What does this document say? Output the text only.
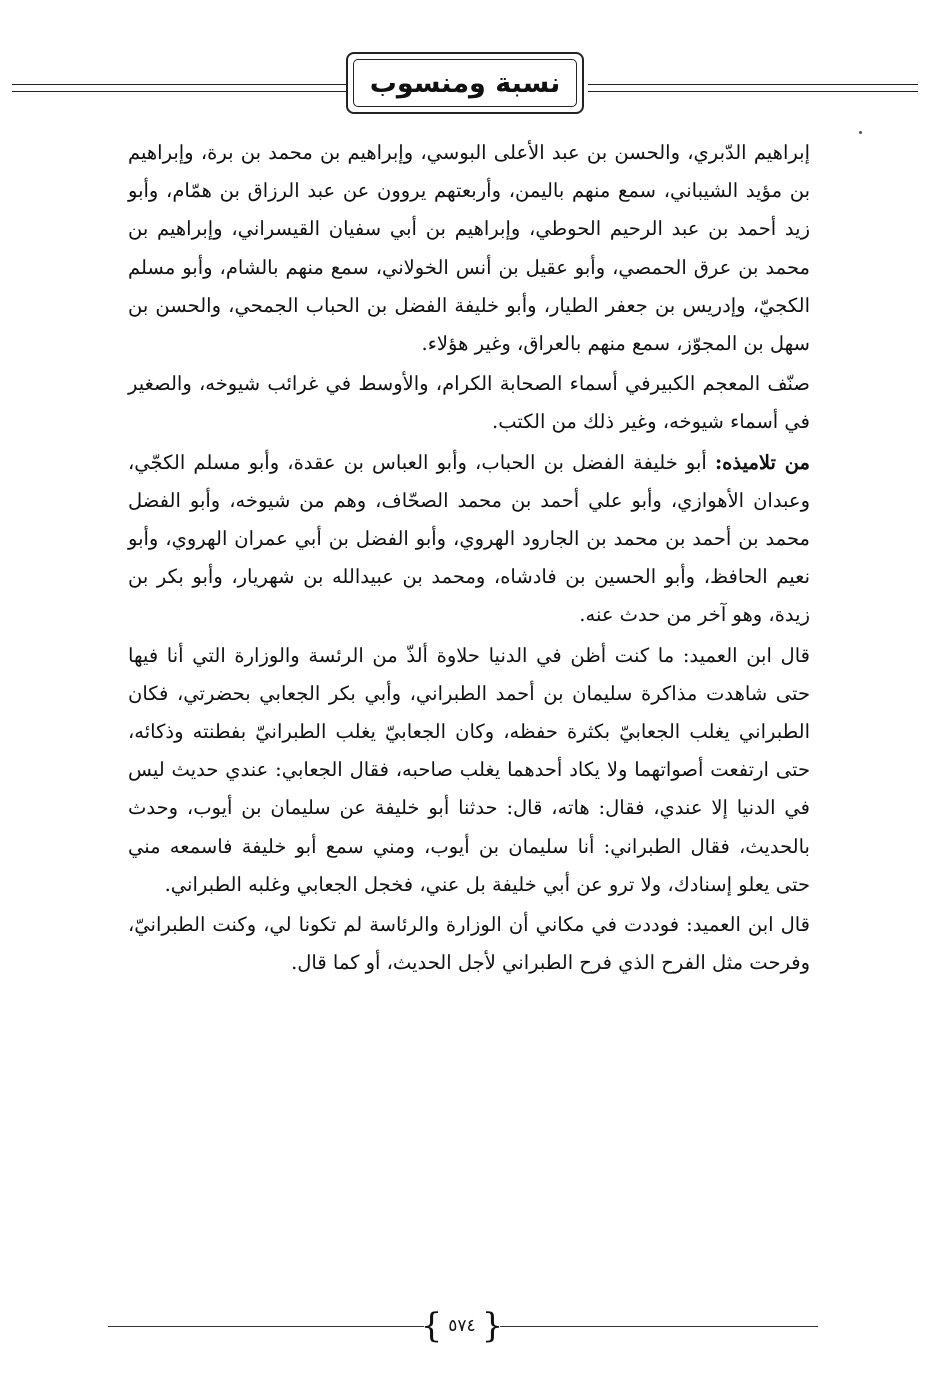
نسبة ومنسوب

إبراهيم الدّبري، والحسن بن عبد الأعلى البوسي، وإبراهيم بن محمد بن برة، وإبراهيم بن مؤيد الشيباني، سمع منهم باليمن، وأربعتهم يروون عن عبد الرزاق بن همّام، وأبو زيد أحمد بن عبد الرحيم الحوطي، وإبراهيم بن أبي سفيان القيسراني، وإبراهيم بن محمد بن عرق الحمصي، وأبو عقيل بن أنس الخولاني، سمع منهم بالشام، وأبو مسلم الكجيّ، وإدريس بن جعفر الطيار، وأبو خليفة الفضل بن الحباب الجمحي، والحسن بن سهل بن المجوّز، سمع منهم بالعراق، وغير هؤلاء.

صنّف المعجم الكبيرفي أسماء الصحابة الكرام، والأوسط في غرائب شيوخه، والصغير في أسماء شيوخه، وغير ذلك من الكتب.

من تلاميذه: أبو خليفة الفضل بن الحباب، وأبو العباس بن عقدة، وأبو مسلم الكجّي، وعبدان الأهوازي، وأبو علي أحمد بن محمد الصحّاف، وهم من شيوخه، وأبو الفضل محمد بن أحمد بن محمد بن الجارود الهروي، وأبو الفضل بن أبي عمران الهروي، وأبو نعيم الحافظ، وأبو الحسين بن فادشاه، ومحمد بن عبيدالله بن شهريار، وأبو بكر بن زيدة، وهو آخر من حدث عنه.

قال ابن العميد: ما كنت أظن في الدنيا حلاوة ألذّ من الرئسة والوزارة التي أنا فيها حتى شاهدت مذاكرة سليمان بن أحمد الطبراني، وأبي بكر الجعابي بحضرتي، فكان الطبراني يغلب الجعابيّ بكثرة حفظه، وكان الجعابيّ يغلب الطبرانيّ بفطنته وذكائه، حتى ارتفعت أصواتهما ولا يكاد أحدهما يغلب صاحبه، فقال الجعابي: عندي حديث ليس في الدنيا إلا عندي، فقال: هاته، قال: حدثنا أبو خليفة عن سليمان بن أيوب، وحدث بالحديث، فقال الطبراني: أنا سليمان بن أيوب، ومني سمع أبو خليفة فاسمعه مني حتى يعلو إسنادك، ولا ترو عن أبي خليفة بل عني، فخجل الجعابي وغلبه الطبراني.

قال ابن العميد: فوددت في مكاني أن الوزارة والرئاسة لم تكونا لي، وكنت الطبرانيّ، وفرحت مثل الفرح الذي فرح الطبراني لأجل الحديث، أو كما قال.

{ ٥٧٤ }
